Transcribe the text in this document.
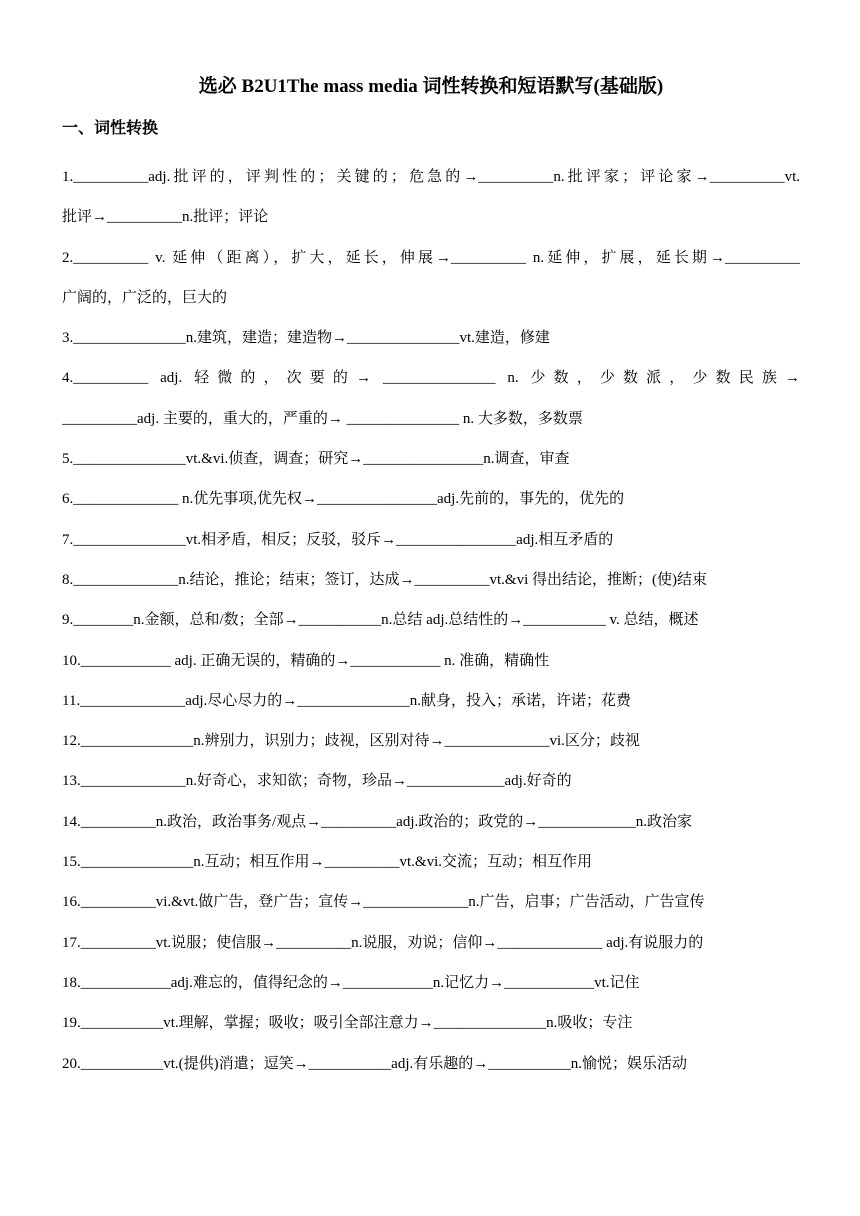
选必 B2U1The mass media 词性转换和短语默写(基础版)
一、词性转换
1.__________adj.批评的，评判性的；关键的；危急的→__________n.批评家；评论家→__________vt.
批评→__________n.批评；评论
2.__________ v. 延伸（距离），扩大，延长，伸展→__________ n.延伸，扩展，延长期→__________
广阔的，广泛的，巨大的
3._______________n.建筑，建造；建造物→_______________vt.建造，修建
4.__________ adj. 轻微的，次要的→ _______________ n. 少数，少数派，少数民族→
__________adj. 主要的，重大的，严重的→ _______________ n. 大多数，多数票
5._______________vt.&vi.侦查，调查；研究→________________n.调查，审查
6.______________ n.优先事项,优先权→________________adj.先前的，事先的，优先的
7._______________vt.相矛盾，相反；反驳，驳斥→________________adj.相互矛盾的
8.______________n.结论，推论；结束；签订，达成→__________vt.&vi 得出结论，推断；(使)结束
9.________n.金额，总和/数；全部→___________n.总结 adj.总结性的→___________ v. 总结，概述
10.____________ adj. 正确无误的，精确的→____________ n. 准确，精确性
11.______________adj.尽心尽力的→_______________n.献身，投入；承诺，许诺；花费
12._______________n.辨别力，识别力；歧视，区别对待→______________vi.区分；歧视
13.______________n.好奇心，求知欲；奇物，珍品→_____________adj.好奇的
14.__________n.政治，政治事务/观点→__________adj.政治的；政党的→_____________n.政治家
15._______________n.互动；相互作用→__________vt.&vi.交流；互动；相互作用
16.__________vi.&vt.做广告，登广告；宣传→______________n.广告，启事；广告活动，广告宣传
17.__________vt.说服；使信服→__________n.说服，劝说；信仰→______________ adj.有说服力的
18.____________adj.难忘的，值得纪念的→____________n.记忆力→____________vt.记住
19.___________vt.理解，掌握；吸收；吸引全部注意力→_______________n.吸收；专注
20.___________vt.(提供)消遣；逗笑→___________adj.有乐趣的→___________n.愉悦；娱乐活动
